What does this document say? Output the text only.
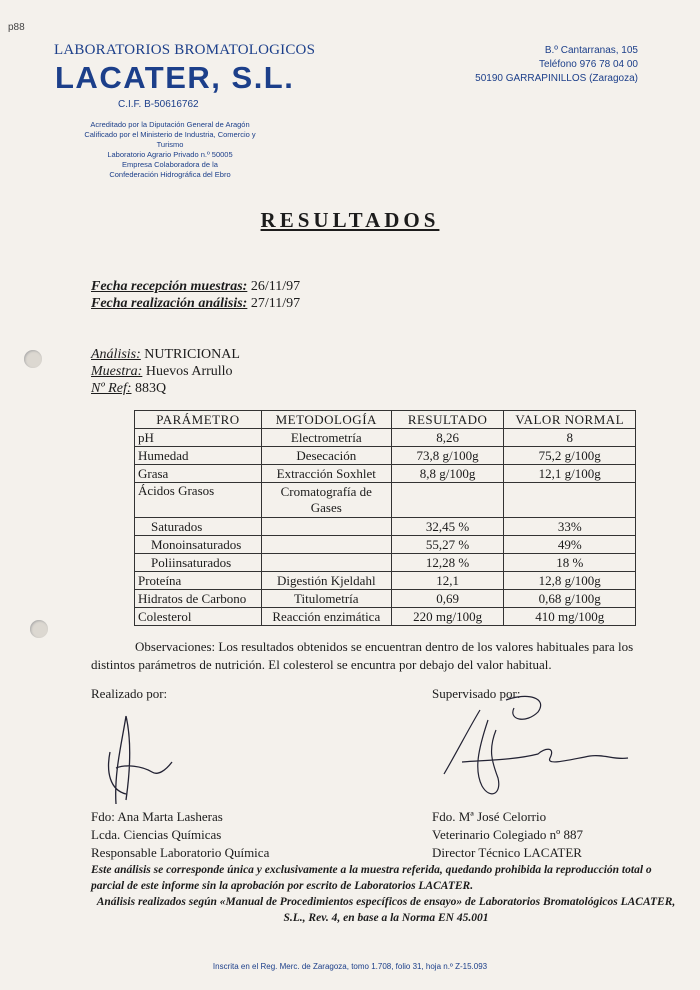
p88
LABORATORIOS BROMATOLOGICOS
LACATER, S.L.
C.I.F. B-50616762
Acreditado por la Diputación General de Aragón
Calificado por el Ministerio de Industria, Comercio y Turismo
Laboratorio Agrario Privado n.º 50005
Empresa Colaboradora de la
Confederación Hidrográfica del Ebro
B.º Cantarranas, 105
Teléfono 976 78 04 00
50190 GARRAPINILLOS (Zaragoza)
RESULTADOS
Fecha recepción muestras: 26/11/97
Fecha realización análisis: 27/11/97
Análisis: NUTRICIONAL
Muestra: Huevos Arrullo
Nº Ref: 883Q
PARÁMETRO	METODOLOGÍA	RESULTADO	VALOR NORMAL
pH	Electrometría	8,26	8
Humedad	Desecación	73,8 g/100g	75,2 g/100g
Grasa	Extracción Soxhlet	8,8 g/100g	12,1 g/100g
Ácidos Grasos	Cromatografía de Gases		
Saturados		32,45 %	33%
Monoinsaturados		55,27 %	49%
Poliinsaturados		12,28 %	18 %
Proteína	Digestión Kjeldahl	12,1	12,8 g/100g
Hidratos de Carbono	Titulometría	0,69	0,68 g/100g
Colesterol	Reacción enzimática	220 mg/100g	410 mg/100g
Observaciones: Los resultados obtenidos se encuentran dentro de los valores habituales para los distintos parámetros de nutrición. El colesterol se encuntra por debajo del valor habitual.
Realizado por:	Supervisado por:
Fdo: Ana Marta Lasheras
Lcda. Ciencias Químicas
Responsable Laboratorio Química
Fdo. Mª José Celorrio
Veterinario Colegiado nº 887
Director Técnico LACATER
Este análisis se corresponde única y exclusivamente a la muestra referida, quedando prohibida la reproducción total o parcial de este informe sin la aprobación por escrito de Laboratorios LACATER.
Análisis realizados según «Manual de Procedimientos específicos de ensayo» de Laboratorios Bromatológicos LACATER, S.L., Rev. 4, en base a la Norma EN 45.001
Inscrita en el Reg. Merc. de Zaragoza, tomo 1.708, folio 31, hoja n.º Z-15.093
